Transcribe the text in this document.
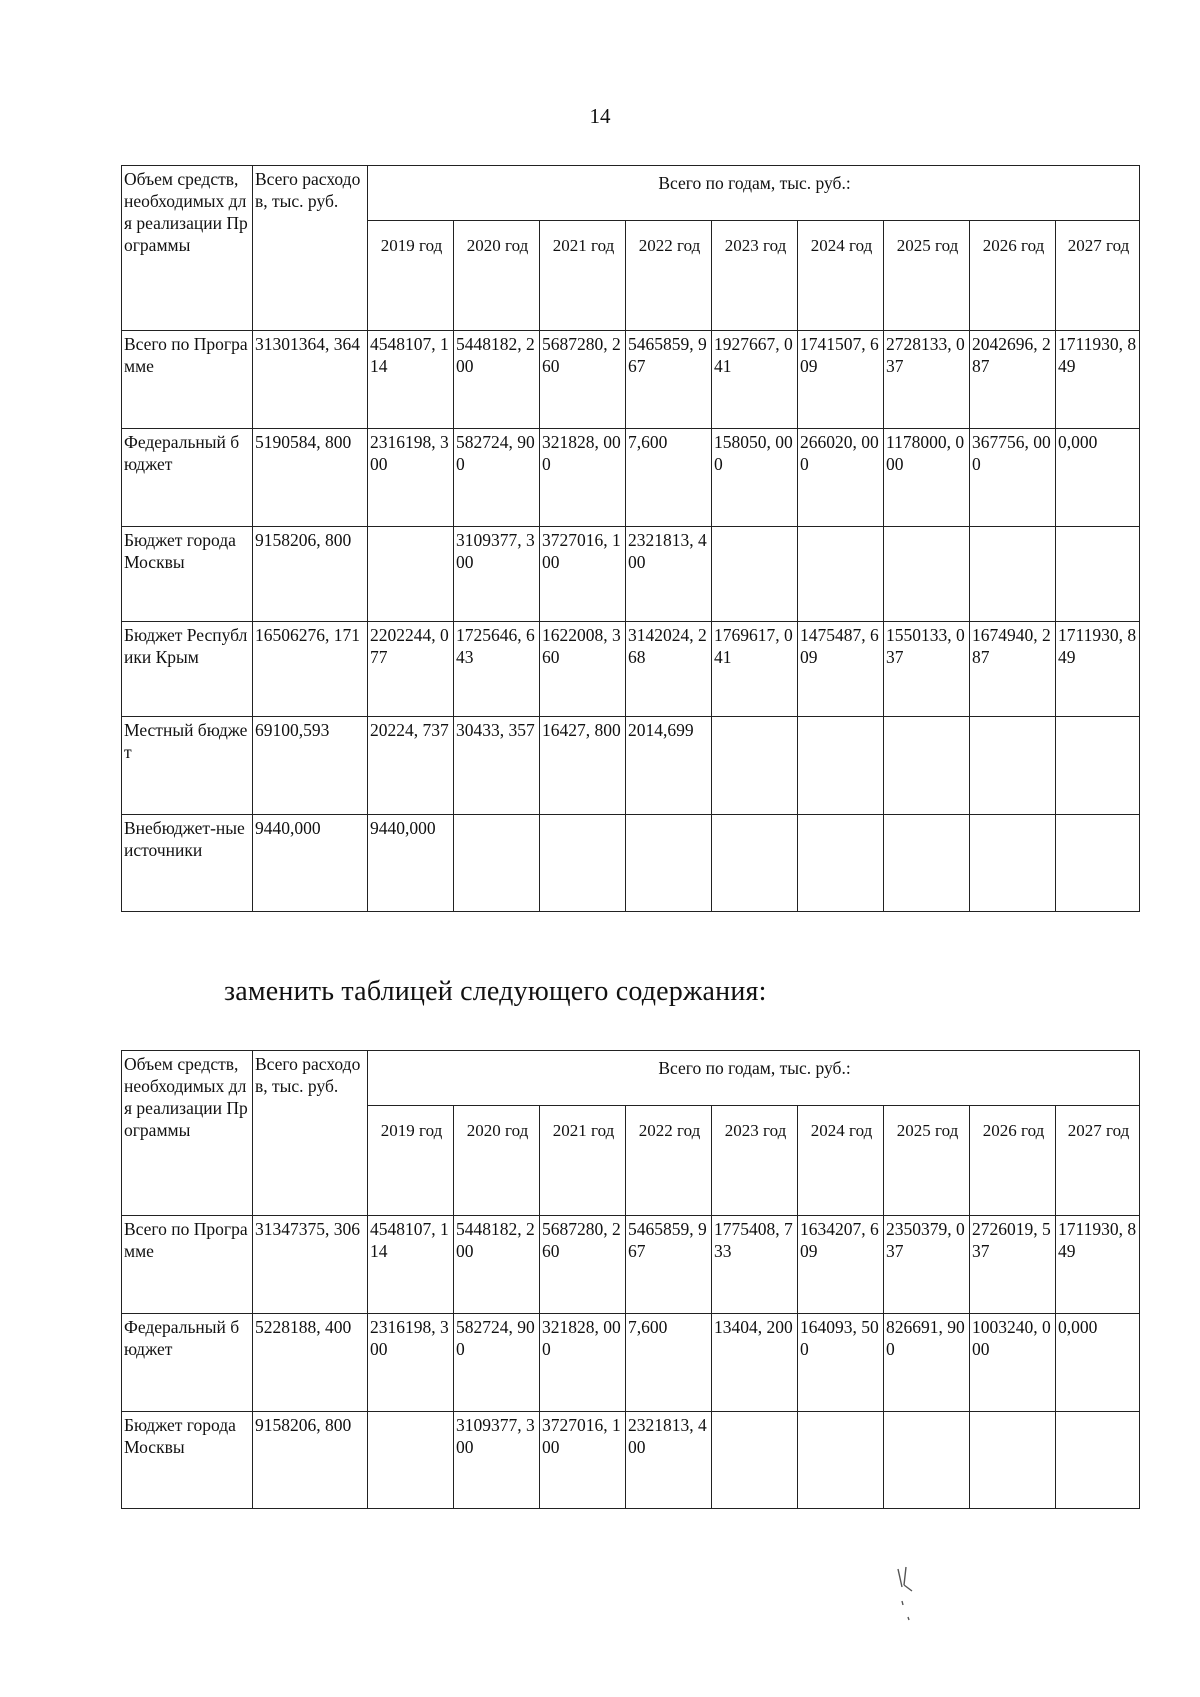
14
Объем средств, необходимых для реализации Программы	Всего расходов, тыс. руб.	Всего по годам, тыс. руб.:								
		2019 год	2020 год	2021 год	2022 год	2023 год	2024 год	2025 год	2026 год	2027 год
Всего по Программе	31301364, 364	4548107, 114	5448182, 200	5687280, 260	5465859, 967	1927667, 041	1741507, 609	2728133, 037	2042696, 287	1711930, 849
Федеральный бюджет	5190584, 800	2316198, 300	582724, 900	321828, 000	7,600	158050, 000	266020, 000	1178000, 000	367756, 000	0,000
Бюджет города Москвы	9158206, 800		3109377, 300	3727016, 100	2321813, 400					
Бюджет Республики Крым	16506276, 171	2202244, 077	1725646, 643	1622008, 360	3142024, 268	1769617, 041	1475487, 609	1550133, 037	1674940, 287	1711930, 849
Местный бюджет	69100,593	20224, 737	30433, 357	16427, 800	2014,699					
Внебюджет-ные источники	9440,000	9440,000								
заменить таблицей следующего содержания:
Объем средств, необходимых для реализации Программы	Всего расходов, тыс. руб.	Всего по годам, тыс. руб.:								
		2019 год	2020 год	2021 год	2022 год	2023 год	2024 год	2025 год	2026 год	2027 год
Всего по Программе	31347375, 306	4548107, 114	5448182, 200	5687280, 260	5465859, 967	1775408, 733	1634207, 609	2350379, 037	2726019, 537	1711930, 849
Федеральный бюджет	5228188, 400	2316198, 300	582724, 900	321828, 000	7,600	13404, 200	164093, 500	826691, 900	1003240, 000	0,000
Бюджет города Москвы	9158206, 800		3109377, 300	3727016, 100	2321813, 400					
